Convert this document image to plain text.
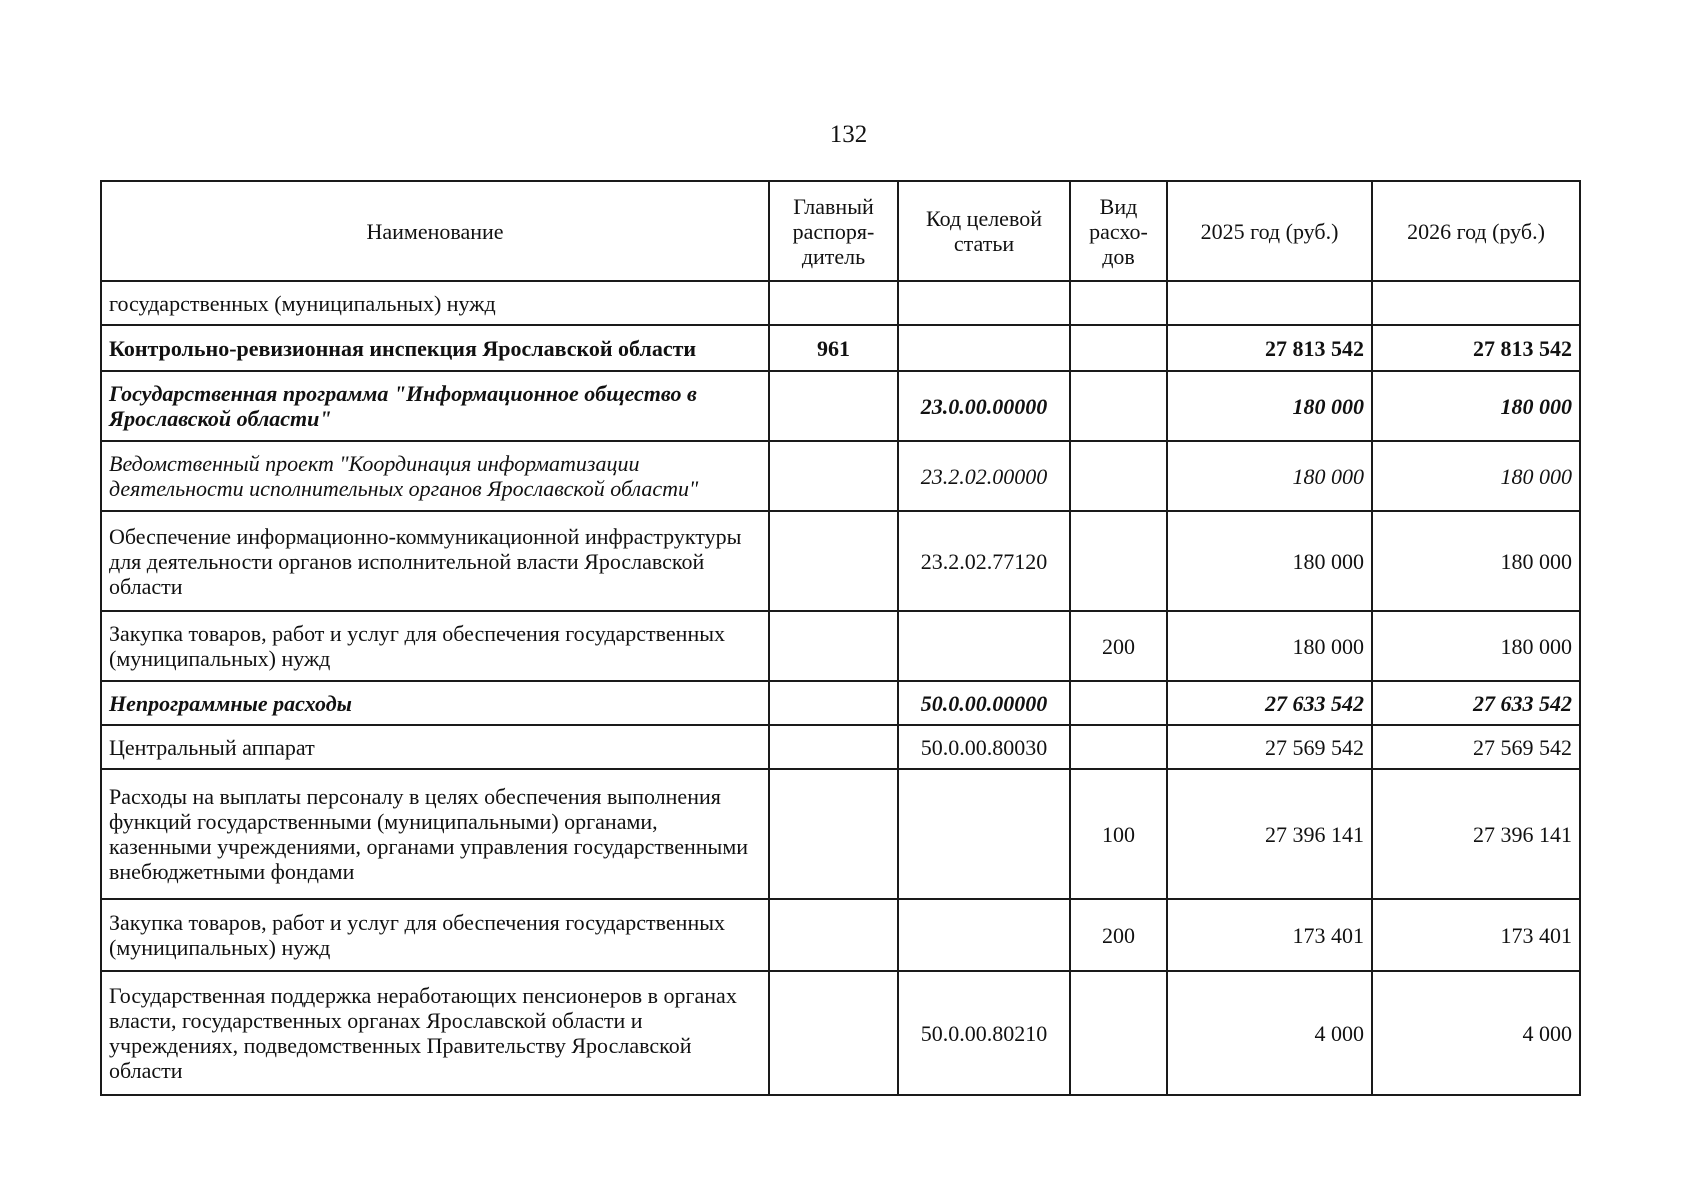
132
Наименование	Главный распоря-дитель	Код целевой статьи	Вид расхо-дов	2025 год (руб.)	2026 год (руб.)
государственных (муниципальных) нужд					
Контрольно-ревизионная инспекция Ярославской области	961			27 813 542	27 813 542
Государственная программа "Информационное общество в Ярославской области"		23.0.00.00000		180 000	180 000
Ведомственный проект "Координация информатизации деятельности исполнительных органов Ярославской области"		23.2.02.00000		180 000	180 000
Обеспечение информационно-коммуникационной инфраструктуры для деятельности органов исполнительной власти Ярославской области		23.2.02.77120		180 000	180 000
Закупка товаров, работ и услуг для обеспечения государственных (муниципальных) нужд			200	180 000	180 000
Непрограммные расходы		50.0.00.00000		27 633 542	27 633 542
Центральный аппарат		50.0.00.80030		27 569 542	27 569 542
Расходы на выплаты персоналу в целях обеспечения выполнения функций государственными (муниципальными) органами, казенными учреждениями, органами управления государственными внебюджетными фондами			100	27 396 141	27 396 141
Закупка товаров, работ и услуг для обеспечения государственных (муниципальных) нужд			200	173 401	173 401
Государственная поддержка неработающих пенсионеров в органах власти, государственных органах Ярославской области и учреждениях, подведомственных Правительству Ярославской области		50.0.00.80210		4 000	4 000
